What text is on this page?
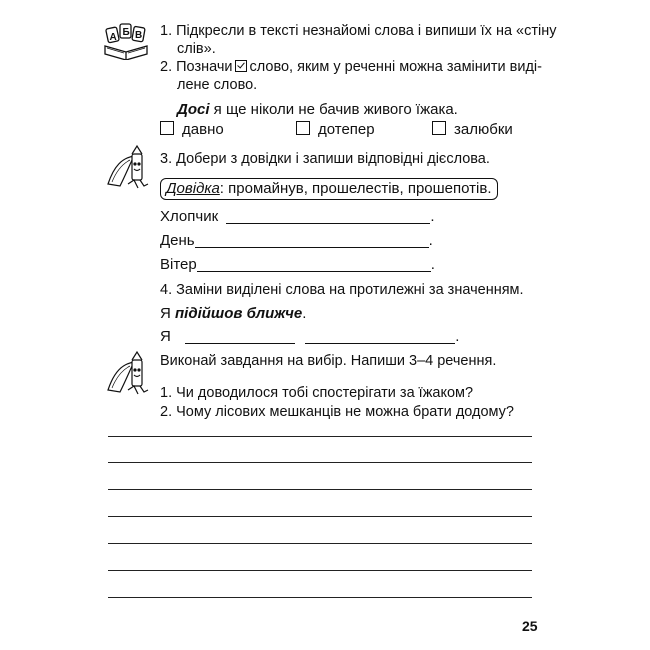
А Б В 1. Підкресли в тексті незнайомі слова і випиши їх на «стіну
слів».
2. Позначи слово, яким у реченні можна замінити виді-
лене слово.
Досі я ще ніколи не бачив живого їжака.
давно	дотепер	залюбки
3. Добери з довідки і запиши відповідні дієслова.
Довідка: промайнув, прошелестів, прошепотів.
Хлопчик	.
День	.
Вітер	.
4. Заміни виділені слова на протилежні за значенням.
Я підійшов ближче.
Я	.
Виконай завдання на вибір. Напиши 3–4 речення.
1. Чи доводилося тобі спостерігати за їжаком?
2. Чому лісових мешканців не можна брати додому?
25
